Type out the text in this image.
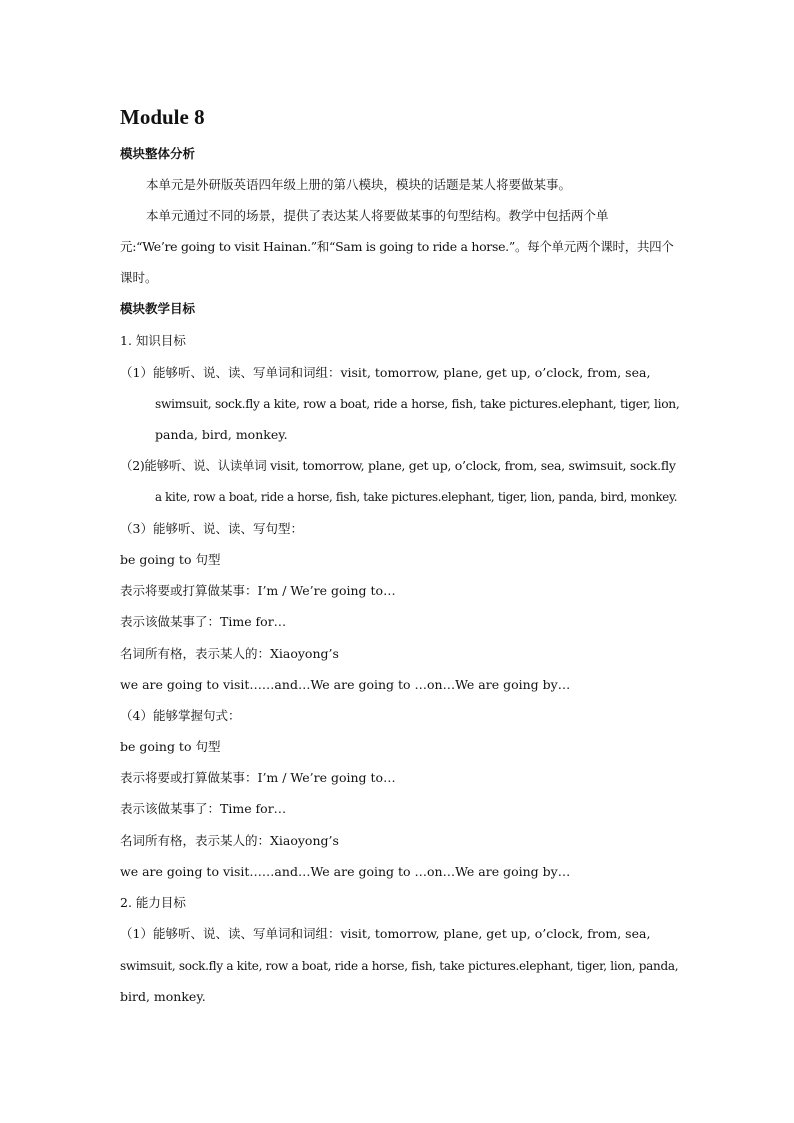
Module 8

模块整体分析

本单元是外研版英语四年级上册的第八模块，模块的话题是某人将要做某事。

本单元通过不同的场景，提供了表达某人将要做某事的句型结构。教学中包括两个单

元:“We’re going to visit Hainan.”和“Sam is going to ride a horse.”。每个单元两个课时，共四个

课时。

模块教学目标

1. 知识目标

（1）能够听、说、读、写单词和词组：visit, tomorrow, plane, get up, o’clock, from, sea,

swimsuit, sock.fly a kite, row a boat, ride a horse, fish, take pictures.elephant, tiger, lion,

panda, bird, monkey.

（2)能够听、说、认读单词 visit, tomorrow, plane, get up, o’clock, from, sea, swimsuit, sock.fly

a kite, row a boat, ride a horse, fish, take pictures.elephant, tiger, lion, panda, bird, monkey.

（3）能够听、说、读、写句型：

be going to 句型

表示将要或打算做某事：I’m / We’re going to…

表示该做某事了：Time for…

名词所有格，表示某人的：Xiaoyong’s

we are going to visit……and…We are going to …on…We are going by…

（4）能够掌握句式：

be going to 句型

表示将要或打算做某事：I’m / We’re going to…

表示该做某事了：Time for…

名词所有格，表示某人的：Xiaoyong’s

we are going to visit……and…We are going to …on…We are going by…

2. 能力目标

（1）能够听、说、读、写单词和词组：visit, tomorrow, plane, get up, o’clock, from, sea,

swimsuit, sock.fly a kite, row a boat, ride a horse, fish, take pictures.elephant, tiger, lion, panda,

bird, monkey.
